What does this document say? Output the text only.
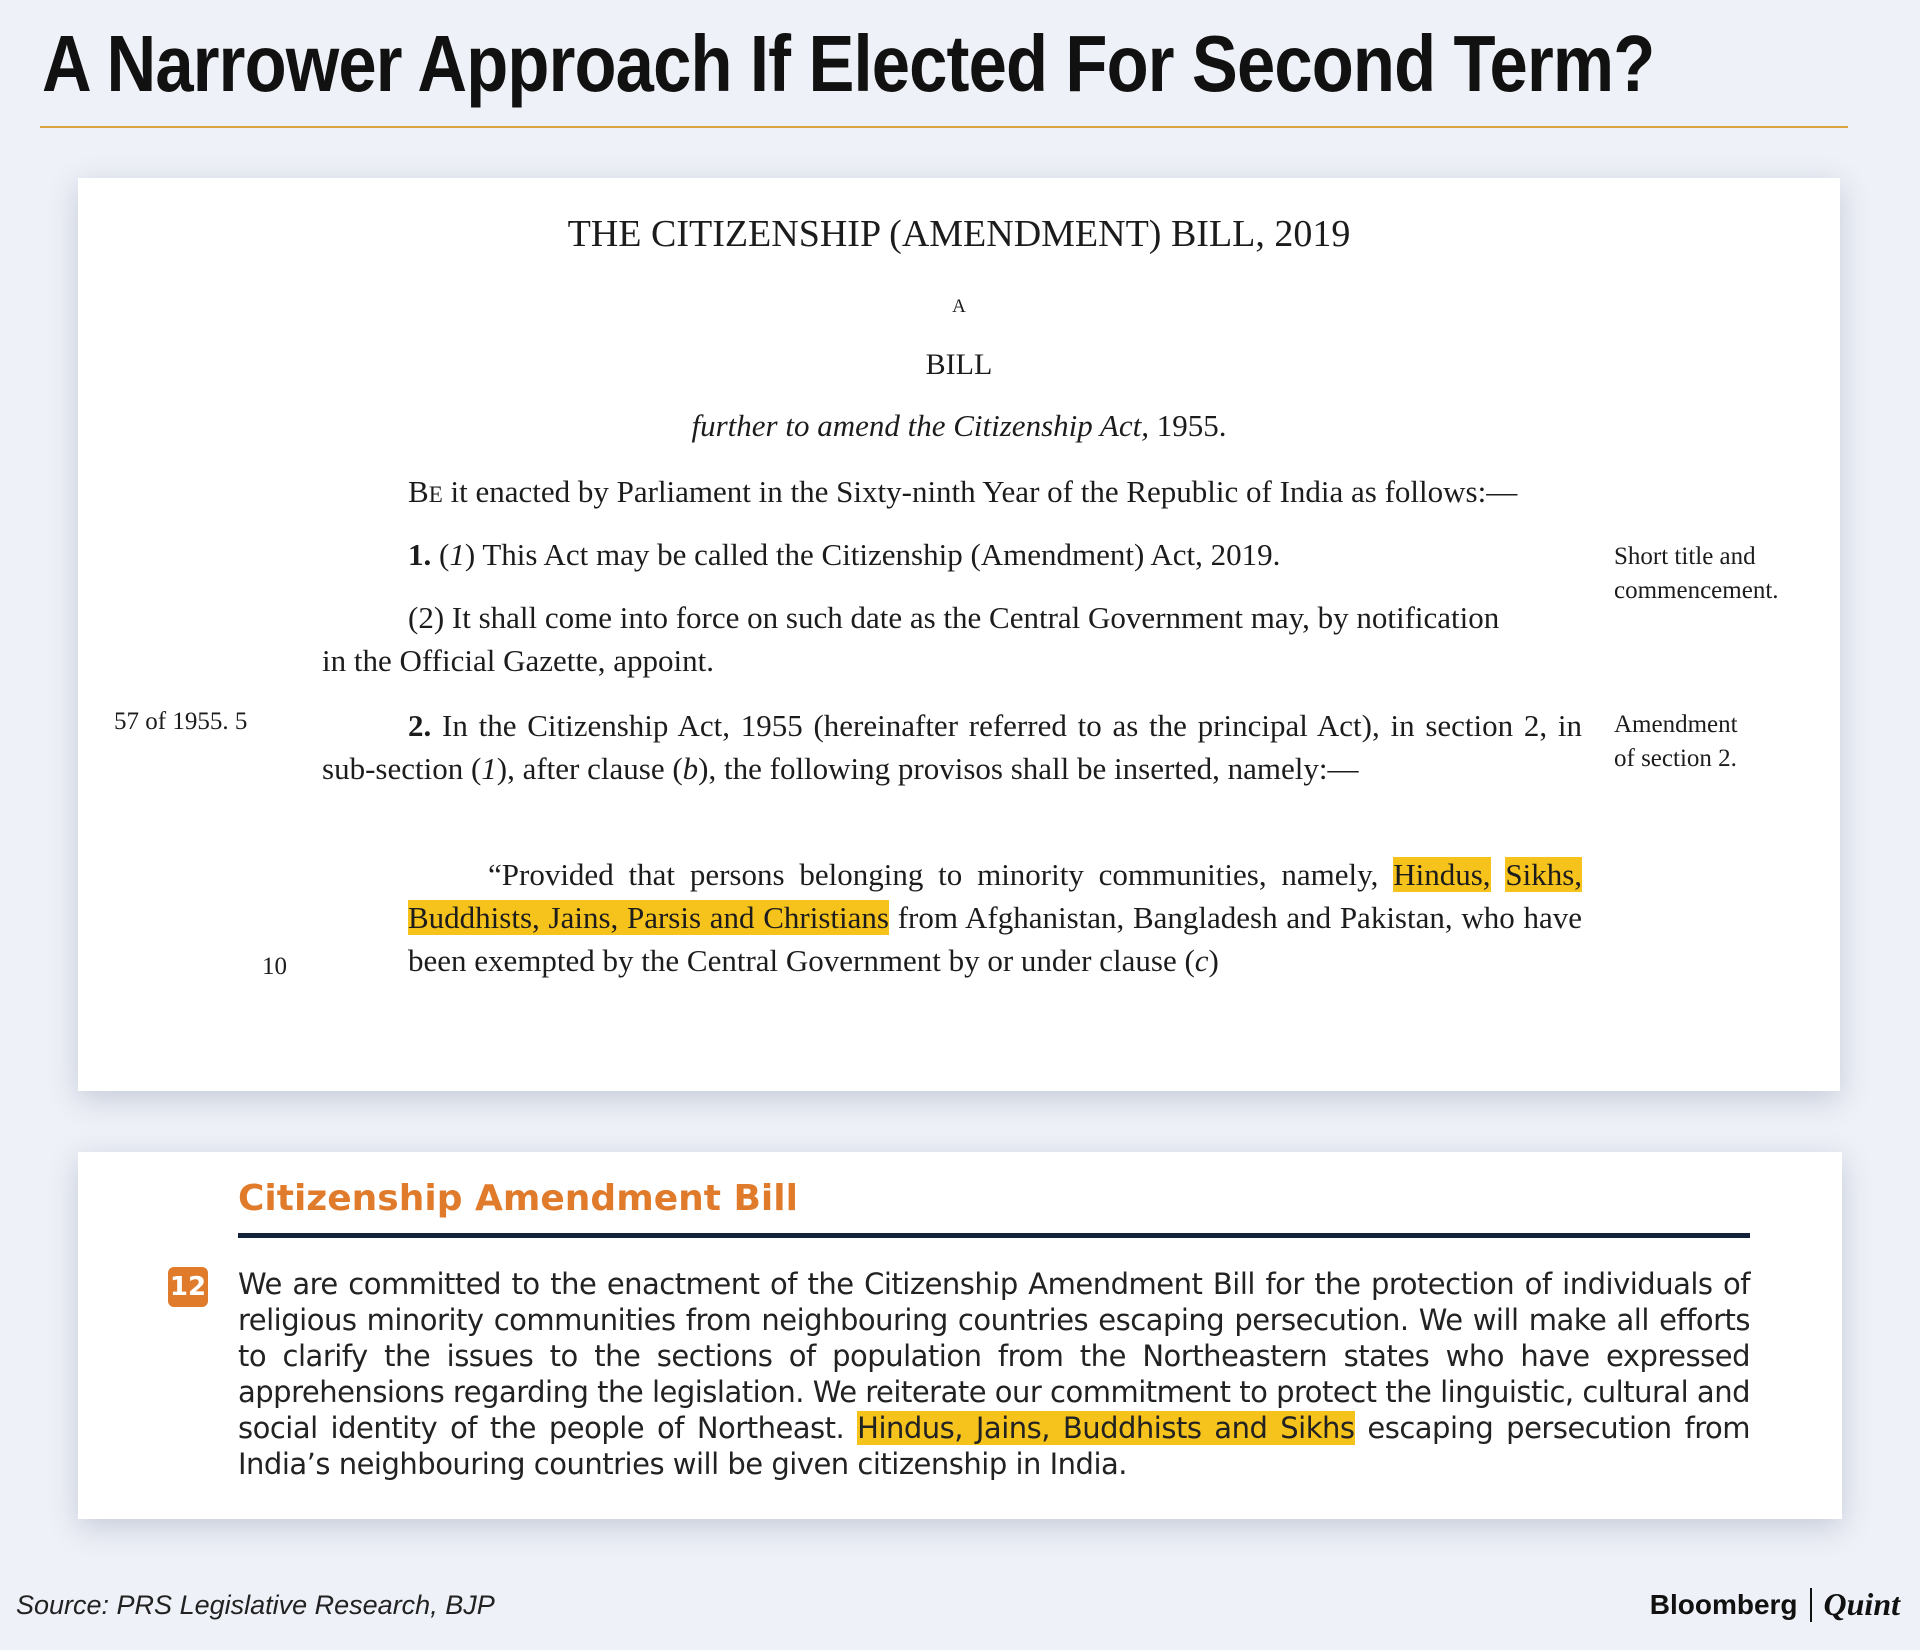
A Narrower Approach If Elected For Second Term?
THE CITIZENSHIP (AMENDMENT) BILL, 2019
A
BILL
further to amend the Citizenship Act, 1955.
BE it enacted by Parliament in the Sixty-ninth Year of the Republic of India as follows:—
1. (1) This Act may be called the Citizenship (Amendment) Act, 2019.
(2) It shall come into force on such date as the Central Government may, by notification
in the Official Gazette, appoint.
2. In the Citizenship Act, 1955 (hereinafter referred to as the principal Act), in section 2, in sub-section (1), after clause (b), the following provisos shall be inserted, namely:—
“Provided that persons belonging to minority communities, namely, Hindus, Sikhs, Buddhists, Jains, Parsis and Christians from Afghanistan, Bangladesh and Pakistan, who have been exempted by the Central Government by or under clause (c)
Short title and
commencement.
Amendment
of section 2.
57 of 1955. 5
10
Citizenship Amendment Bill
12 We are committed to the enactment of the Citizenship Amendment Bill for the protection of individuals of religious minority communities from neighbouring countries escaping persecution. We will make all efforts to clarify the issues to the sections of population from the Northeastern states who have expressed apprehensions regarding the legislation. We reiterate our commitment to protect the linguistic, cultural and social identity of the people of Northeast. Hindus, Jains, Buddhists and Sikhs escaping persecution from India’s neighbouring countries will be given citizenship in India.
Source: PRS Legislative Research, BJP	Bloomberg Quint
